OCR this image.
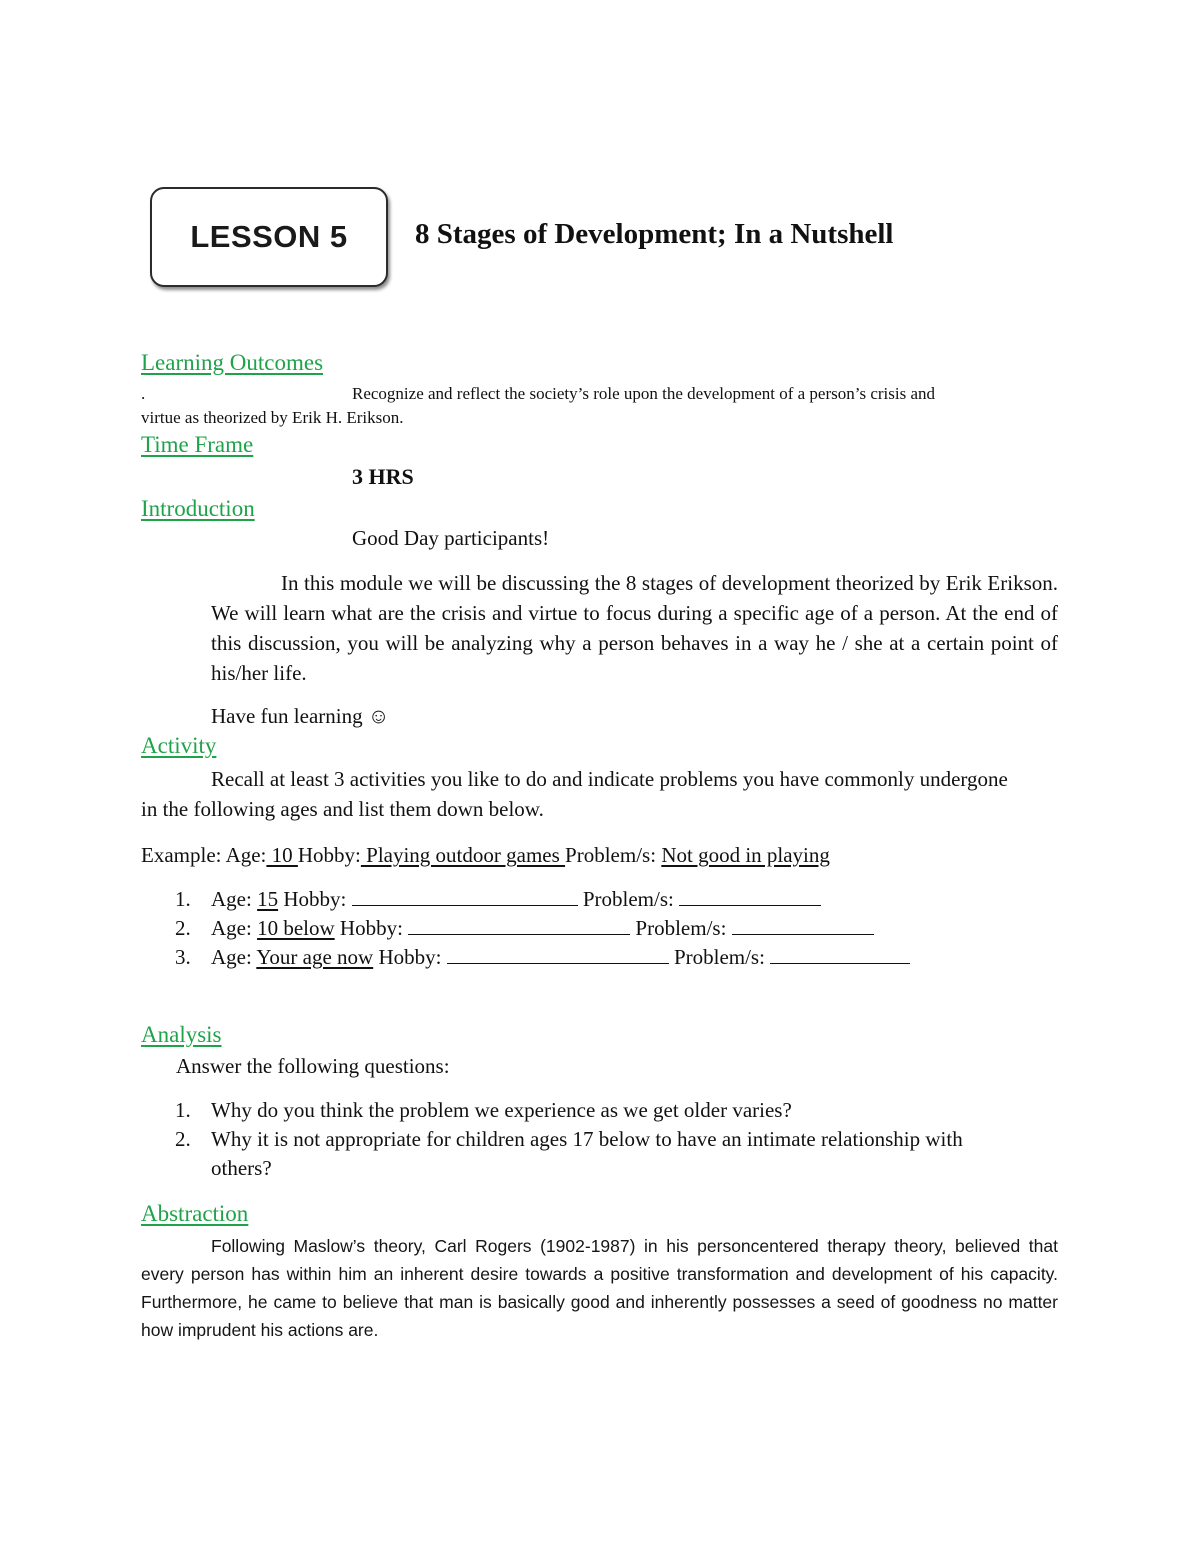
LESSON 5 8 Stages of Development; In a Nutshell
Learning Outcomes
.	Recognize and reflect the society’s role upon the development of a person’s crisis and
virtue as theorized by Erik H. Erikson.
Time Frame
3 HRS
Introduction
Good Day participants!
In this module we will be discussing the 8 stages of development theorized by Erik Erikson. We will learn what are the crisis and virtue to focus during a specific age of a person. At the end of this discussion, you will be analyzing why a person behaves in a way he / she at a certain point of his/her life.
Have fun learning ☺
Activity
Recall at least 3 activities you like to do and indicate problems you have commonly undergone in the following ages and list them down below.
Example: Age: 10 Hobby: Playing outdoor games Problem/s: Not good in playing
1. Age: 15 Hobby:	Problem/s:
2. Age: 10 below Hobby:	Problem/s:
3. Age: Your age now Hobby:	Problem/s:
Analysis
Answer the following questions:
1. Why do you think the problem we experience as we get older varies?
2. Why it is not appropriate for children ages 17 below to have an intimate relationship with
others?
Abstraction
Following Maslow’s theory, Carl Rogers (1902-1987) in his personcentered therapy theory, believed that every person has within him an inherent desire towards a positive transformation and development of his capacity. Furthermore, he came to believe that man is basically good and inherently possesses a seed of goodness no matter how imprudent his actions are.
